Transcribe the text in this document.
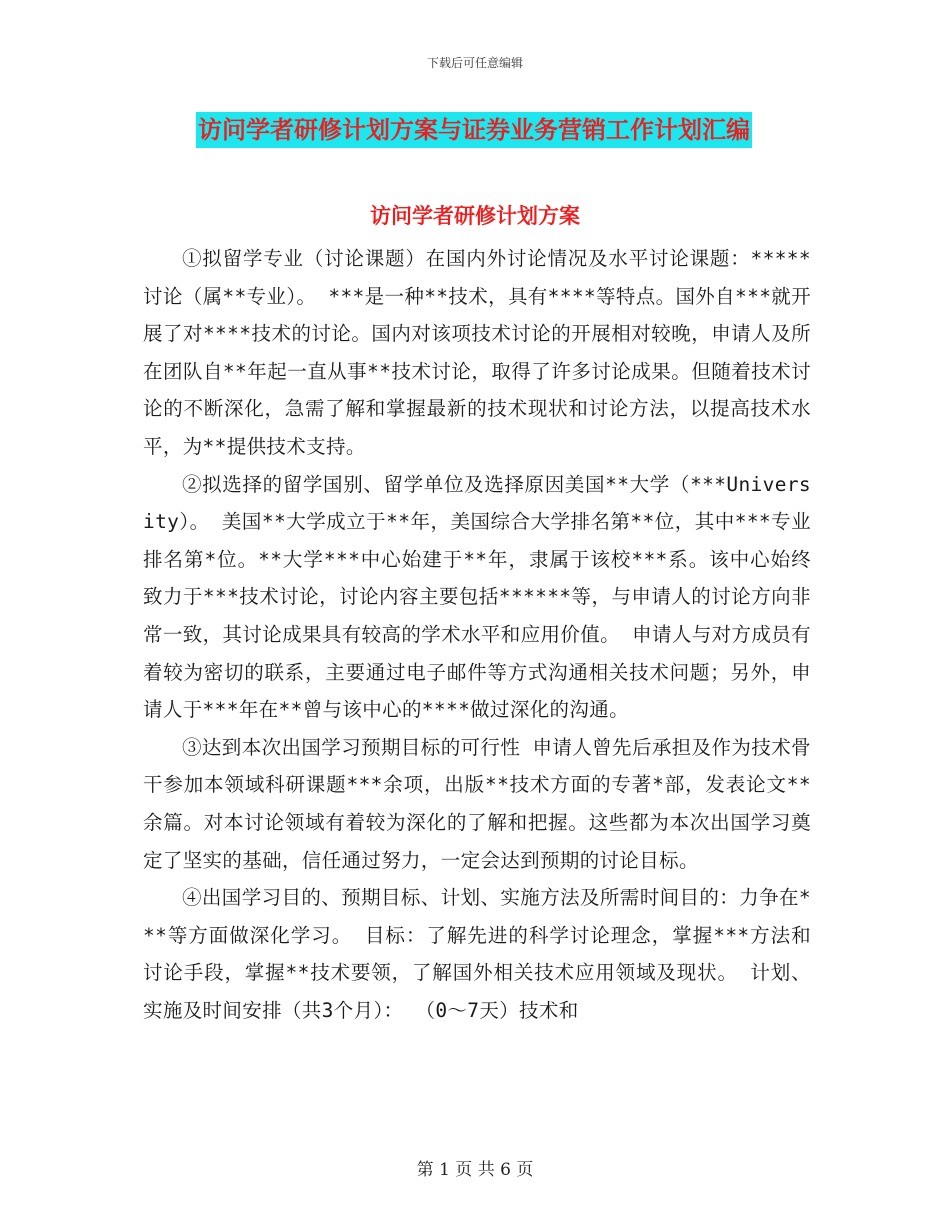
下载后可任意编辑
访问学者研修计划方案与证券业务营销工作计划汇编
访问学者研修计划方案

①拟留学专业（讨论课题）在国内外讨论情况及水平讨论课题：*****讨论（属**专业）。 ***是一种**技术，具有****等特点。国外自***就开展了对****技术的讨论。国内对该项技术讨论的开展相对较晚，申请人及所在团队自**年起一直从事**技术讨论，取得了许多讨论成果。但随着技术讨论的不断深化，急需了解和掌握最新的技术现状和讨论方法，以提高技术水平，为**提供技术支持。

②拟选择的留学国别、留学单位及选择原因美国**大学（***University）。 美国**大学成立于**年，美国综合大学排名第**位，其中***专业排名第*位。**大学***中心始建于**年，隶属于该校***系。该中心始终致力于***技术讨论，讨论内容主要包括******等，与申请人的讨论方向非常一致，其讨论成果具有较高的学术水平和应用价值。 申请人与对方成员有着较为密切的联系，主要通过电子邮件等方式沟通相关技术问题；另外，申请人于***年在**曾与该中心的****做过深化的沟通。

③达到本次出国学习预期目标的可行性 申请人曾先后承担及作为技术骨干参加本领域科研课题***余项，出版**技术方面的专著*部，发表论文**余篇。对本讨论领域有着较为深化的了解和把握。这些都为本次出国学习奠定了坚实的基础，信任通过努力，一定会达到预期的讨论目标。

④出国学习目的、预期目标、计划、实施方法及所需时间目的：力争在***等方面做深化学习。 目标：了解先进的科学讨论理念，掌握***方法和讨论手段，掌握**技术要领，了解国外相关技术应用领域及现状。 计划、实施及时间安排（共3个月）： （0～7天）技术和

第 1 页 共 6 页
